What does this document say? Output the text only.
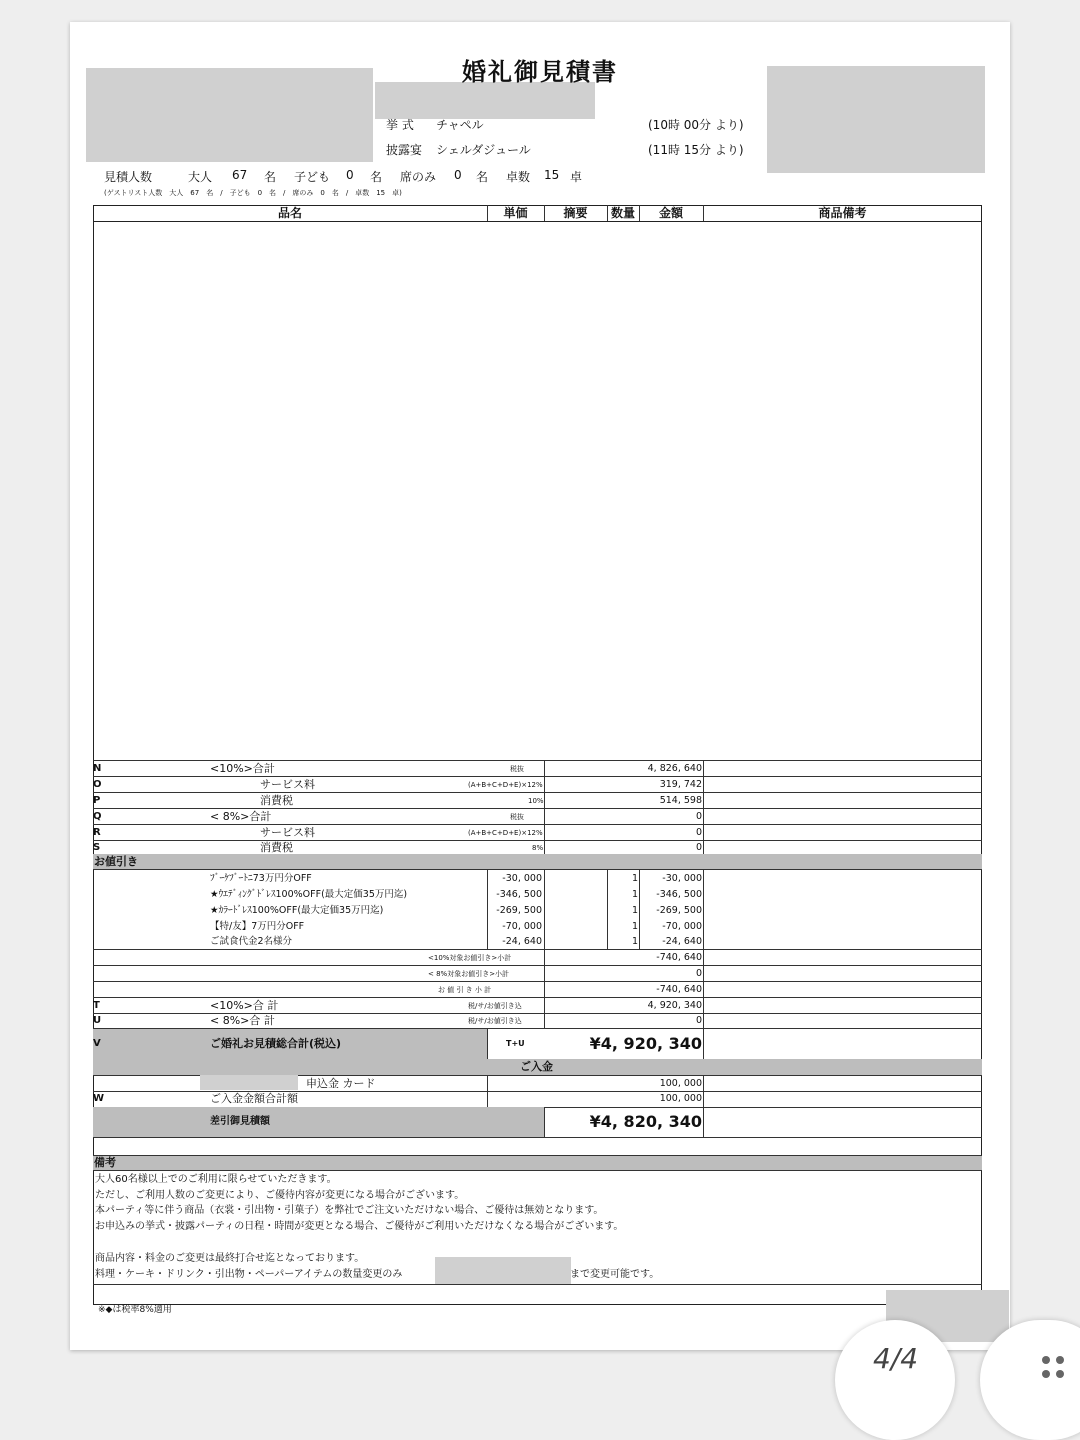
婚礼御見積書
挙 式 チャペル	(10時 00分 より)
披露宴 シェルダジュール	(11時 15分 より)
見積人数	大人 67 名 子ども 0 名 席のみ 0 名 卓数 15 卓
(ゲストリスト人数　大人　67　名　/　子ども　0　名　/　席のみ　0　名　/　卓数　15　卓)
品名	単価	摘要	数量	金額	商品備考
N	<10%>合計	税抜	4, 826, 640
O	サービス料	(A+B+C+D+E)×12%	319, 742
P	消費税	10%	514, 598
Q	< 8%>合計	税抜	0
R	サービス料	(A+B+C+D+E)×12%	0
S	消費税	8%	0
お値引き
ﾌﾞｰｹﾌﾞｰﾄﾆ73万円分OFF	-30, 000	1	-30, 000
★ｳｴﾃﾞｨﾝｸﾞﾄﾞﾚｽ100%OFF(最大定価35万円迄)	-346, 500	1	-346, 500
★ｶﾗｰﾄﾞﾚｽ100%OFF(最大定価35万円迄)	-269, 500	1	-269, 500
【特/友】7万円分OFF	-70, 000	1	-70, 000
ご試食代金2名様分	-24, 640	1	-24, 640
<10%対象お値引き>小計	-740, 640
< 8%対象お値引き>小計	0
お 値 引 き 小 計	-740, 640
T	<10%>合 計	税/サ/お値引き込	4, 920, 340
U	< 8%>合 計	税/サ/お値引き込	0
V	ご婚礼お見積総合計(税込)	T+U	¥4, 920, 340
ご入金
申込金 カード	100, 000
W	ご入金金額合計額	100, 000
差引御見積額	¥4, 820, 340
備考
大人60名様以上でのご利用に限らせていただきます。
ただし、ご利用人数のご変更により、ご優待内容が変更になる場合がございます。
本パーティ等に伴う商品（衣裳・引出物・引菓子）を弊社でご注文いただけない場合、ご優待は無効となります。
お申込みの挙式・披露パーティの日程・時間が変更となる場合、ご優待がご利用いただけなくなる場合がございます。
商品内容・料金のご変更は最終打合せ迄となっております。
料理・ケーキ・ドリンク・引出物・ペーパーアイテムの数量変更のみ	まで変更可能です。
※◆は税率8%適用
4/4
